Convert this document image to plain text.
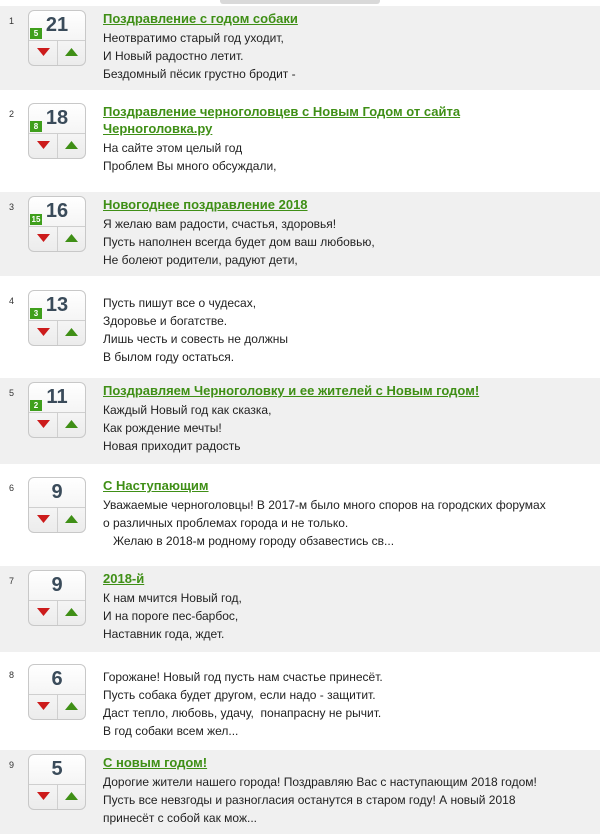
1	21
5
Поздравление с годом собаки
Неотвратимо старый год уходит,
И Новый радостно летит.
Бездомный пёсик грустно бродит -
2	18
8
Поздравление черноголовцев с Новым Годом от сайта
Черноголовка.ру
На сайте этом целый год
Проблем Вы много обсуждали,
3	16
15
Новогоднее поздравление 2018
Я желаю вам радости, счастья, здоровья!
Пусть наполнен всегда будет дом ваш любовью,
Не болеют родители, радуют дети,
4	13
3
Пусть пишут все о чудесах,
Здоровье и богатстве.
Лишь честь и совесть не должны
В былом году остаться.
5	11
2
Поздравляем Черноголовку и ее жителей с Новым годом!
Каждый Новый год как сказка,
Как рождение мечты!
Новая приходит радость
6	9	С Наступающим
Уважаемые черноголовцы! В 2017-м было много споров на городских форумах
о различных проблемах города и не только.
Желаю в 2018-м родному городу обзавестись св...
7	9	2018-й
К нам мчится Новый год,
И на пороге пес-барбос,
Наставник года, ждет.
8	6	Горожане! Новый год пусть нам счастье принесёт.
Пусть собака будет другом, если надо - защитит.
Даст тепло, любовь, удачу,  понапрасну не рычит.
В год собаки всем жел...
9	5	С новым годом!
Дорогие жители нашего города! Поздравляю Вас с наступающим 2018 годом!
Пусть все невзгоды и разногласия останутся в старом году! А новый 2018
принесёт с собой как мож...
